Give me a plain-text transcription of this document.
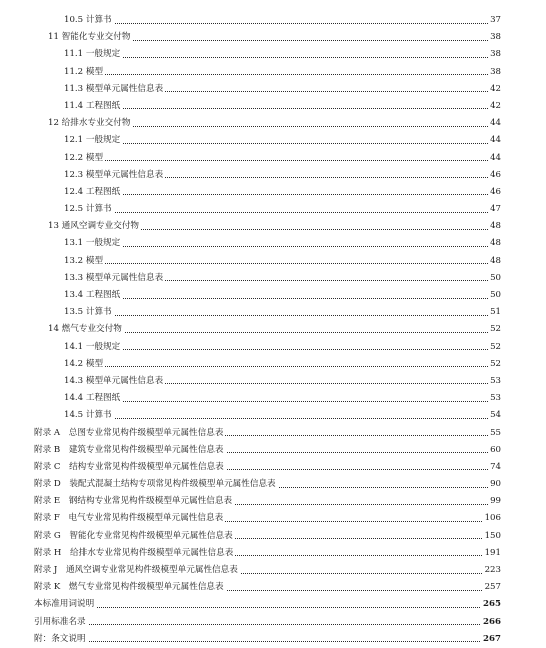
10.5 计算书	37
11 智能化专业交付物	38
11.1 一般规定	38
11.2 模型	38
11.3 模型单元属性信息表	42
11.4 工程图纸	42
12 给排水专业交付物	44
12.1 一般规定	44
12.2 模型	44
12.3 模型单元属性信息表	46
12.4 工程图纸	46
12.5 计算书	47
13 通风空调专业交付物	48
13.1 一般规定	48
13.2 模型	48
13.3 模型单元属性信息表	50
13.4 工程图纸	50
13.5 计算书	51
14 燃气专业交付物	52
14.1 一般规定	52
14.2 模型	52
14.3 模型单元属性信息表	53
14.4 工程图纸	53
14.5 计算书	54
附录 A　总图专业常见构件级模型单元属性信息表	55
附录 B　建筑专业常见构件级模型单元属性信息表	60
附录 C　结构专业常见构件级模型单元属性信息表	74
附录 D　装配式混凝土结构专项常见构件级模型单元属性信息表	90
附录 E　钢结构专业常见构件级模型单元属性信息表	99
附录 F　电气专业常见构件级模型单元属性信息表	106
附录 G　智能化专业常见构件级模型单元属性信息表	150
附录 H　给排水专业常见构件级模型单元属性信息表	191
附录 J　通风空调专业常见构件级模型单元属性信息表	223
附录 K　燃气专业常见构件级模型单元属性信息表	257
本标准用词说明	265
引用标准名录	266
附：条文说明	267
